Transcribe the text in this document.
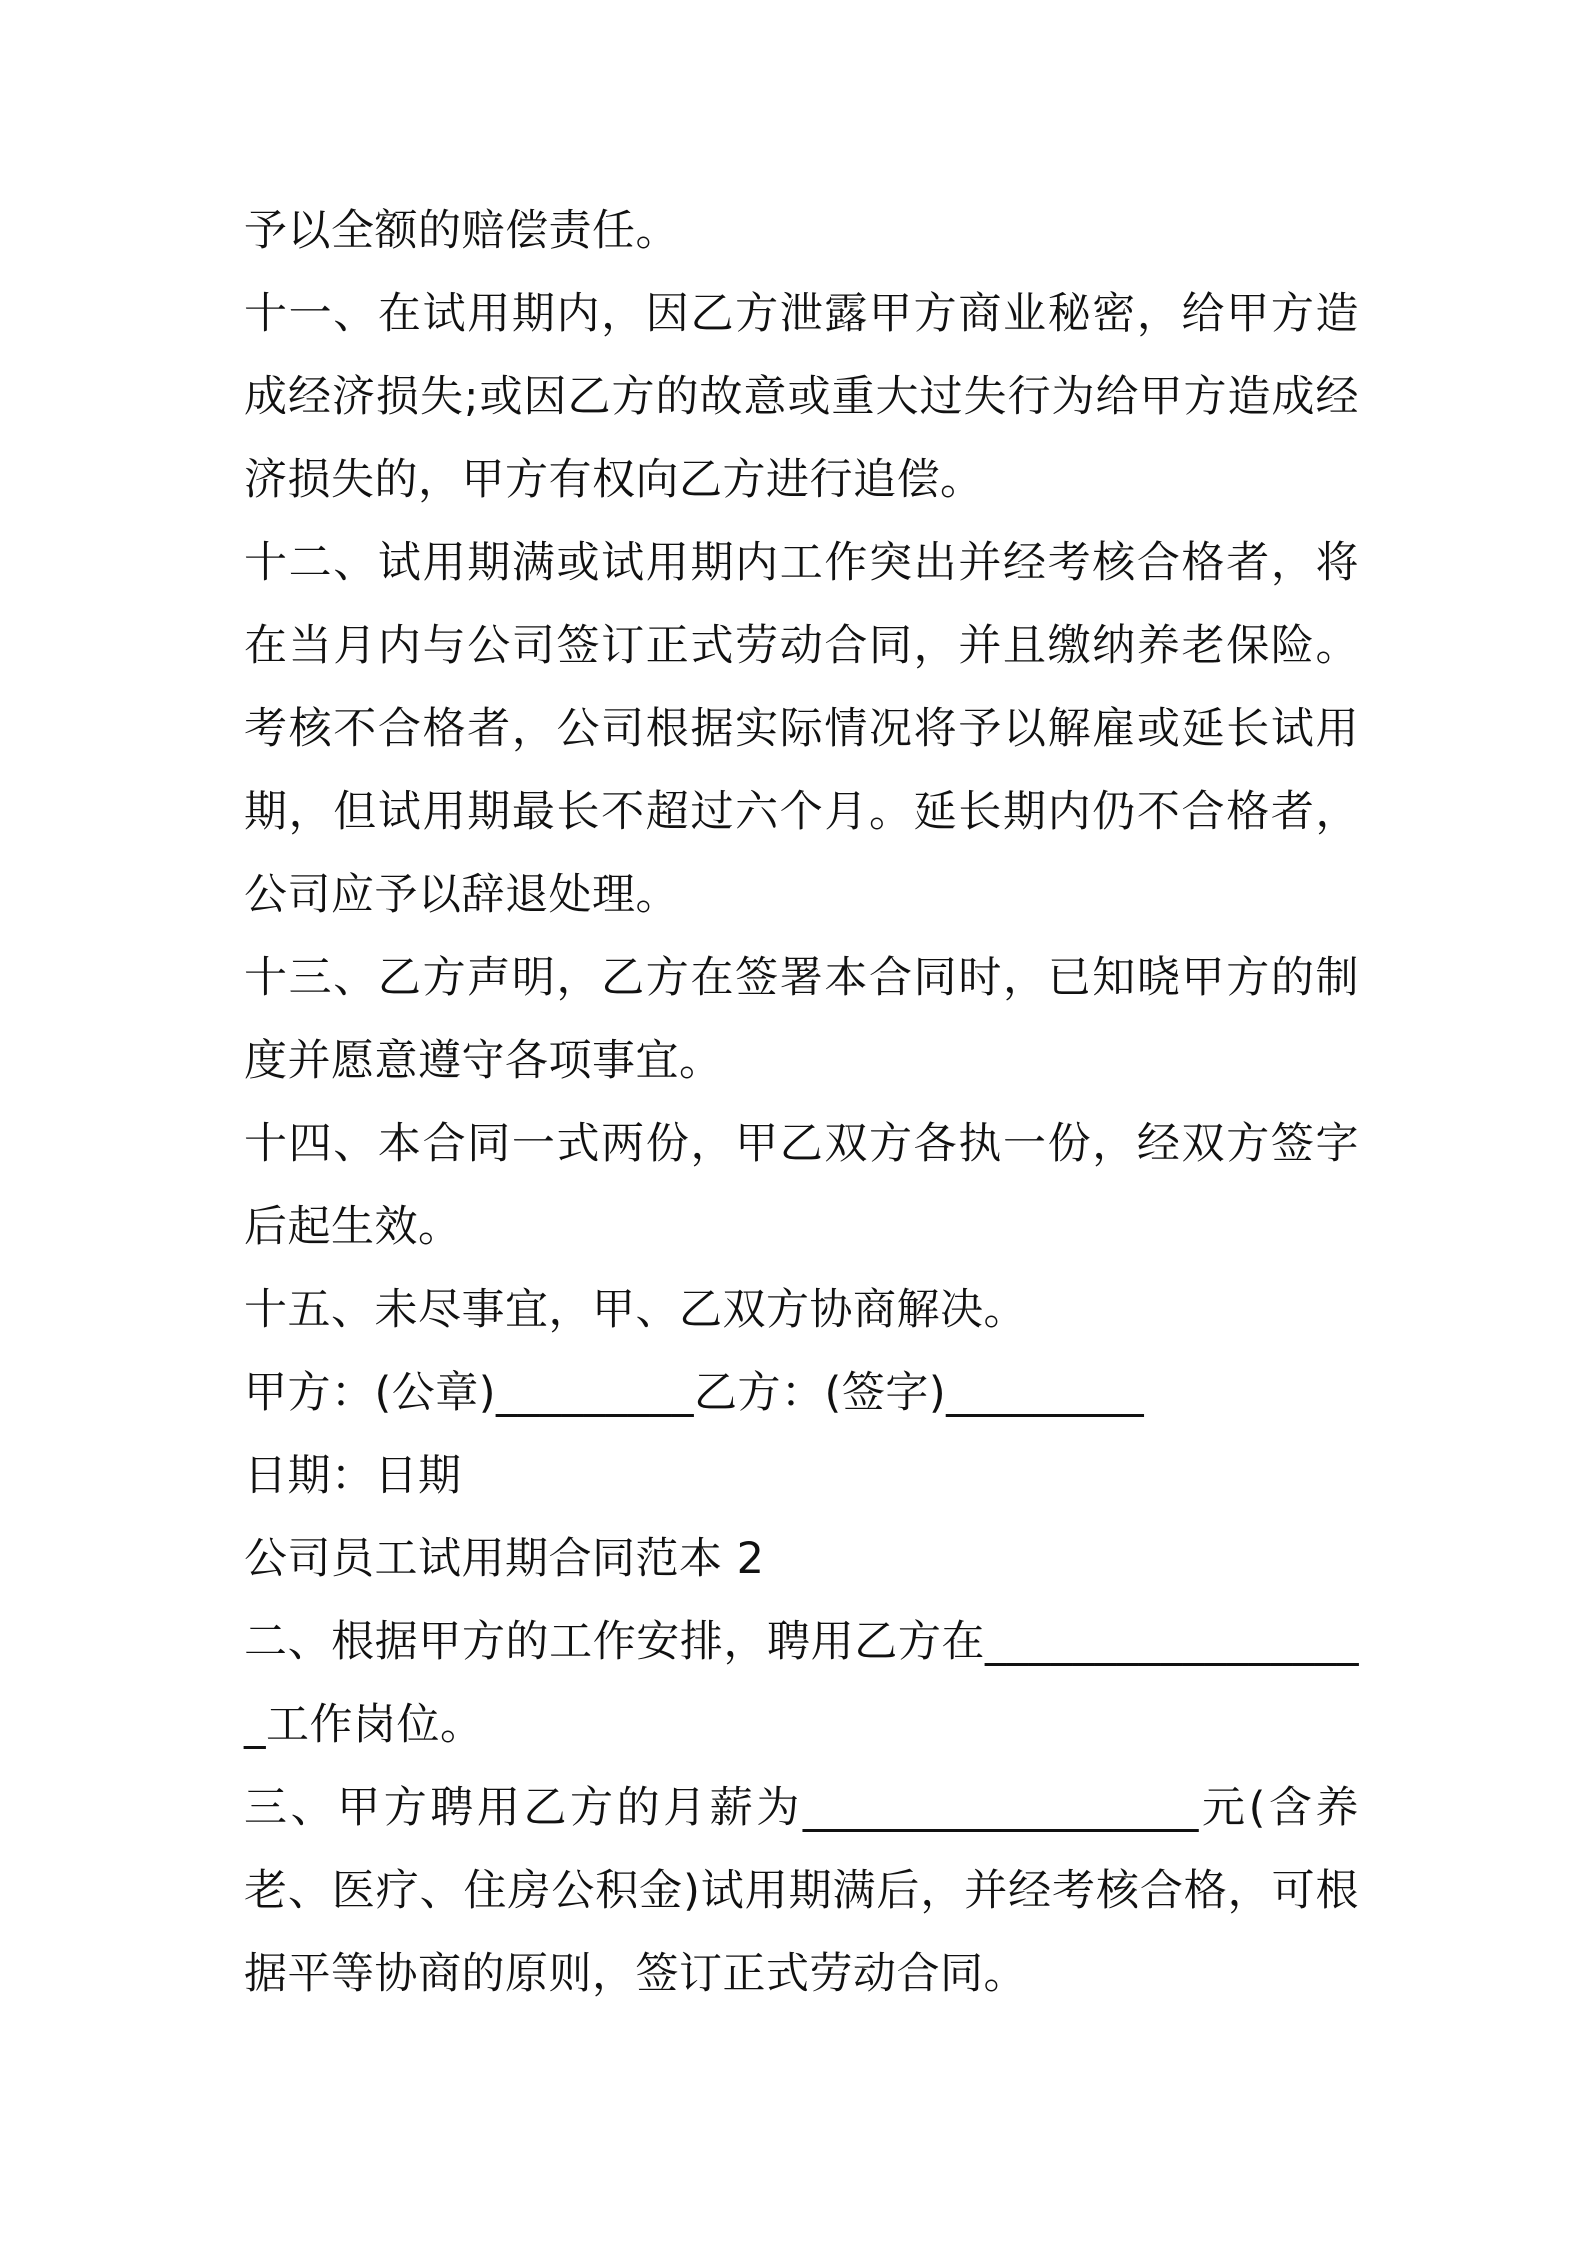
予以全额的赔偿责任。

十一、在试用期内，因乙方泄露甲方商业秘密，给甲方造成经济损失;或因乙方的故意或重大过失行为给甲方造成经济损失的，甲方有权向乙方进行追偿。

十二、试用期满或试用期内工作突出并经考核合格者，将在当月内与公司签订正式劳动合同，并且缴纳养老保险。考核不合格者，公司根据实际情况将予以解雇或延长试用期，但试用期最长不超过六个月。延长期内仍不合格者，公司应予以辞退处理。

十三、乙方声明，乙方在签署本合同时，已知晓甲方的制度并愿意遵守各项事宜。

十四、本合同一式两份，甲乙双方各执一份，经双方签字后起生效。

十五、未尽事宜，甲、乙双方协商解决。

甲方：(公章)_________乙方：(签字)_________

日期：日期

公司员工试用期合同范本 2

二、根据甲方的工作安排，聘用乙方在__________________工作岗位。

三、甲方聘用乙方的月薪为__________________元(含养老、医疗、住房公积金)试用期满后，并经考核合格，可根据平等协商的原则，签订正式劳动合同。
